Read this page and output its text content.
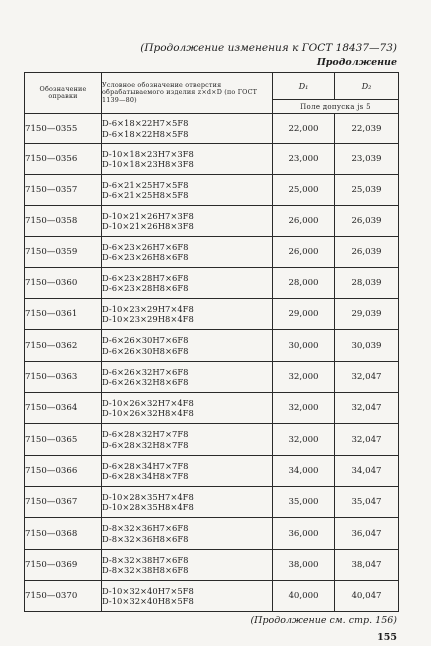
(Продолжение изменения к ГОСТ 18437—73)
Продолжение
Обозначение оправки	Условное обозначение отверстия обрабатываемого изделия z×d×D (по ГОСТ 1139—80)	D₁	D₂
		Поле допуска js 5	
7150—0355	D-6×18×22H7×5F8
D-6×18×22H8×5F8	22,000	22,039
7150—0356	D-10×18×23H7×3F8
D-10×18×23H8×3F8	23,000	23,039
7150—0357	D-6×21×25H7×5F8
D-6×21×25H8×5F8	25,000	25,039
7150—0358	D-10×21×26H7×3F8
D-10×21×26H8×3F8	26,000	26,039
7150—0359	D-6×23×26H7×6F8
D-6×23×26H8×6F8	26,000	26,039
7150—0360	D-6×23×28H7×6F8
D-6×23×28H8×6F8	28,000	28,039
7150—0361	D-10×23×29H7×4F8
D-10×23×29H8×4F8	29,000	29,039
7150—0362	D-6×26×30H7×6F8
D-6×26×30H8×6F8	30,000	30,039
7150—0363	D-6×26×32H7×6F8
D-6×26×32H8×6F8	32,000	32,047
7150—0364	D-10×26×32H7×4F8
D-10×26×32H8×4F8	32,000	32,047
7150—0365	D-6×28×32H7×7F8
D-6×28×32H8×7F8	32,000	32,047
7150—0366	D-6×28×34H7×7F8
D-6×28×34H8×7F8	34,000	34,047
7150—0367	D-10×28×35H7×4F8
D-10×28×35H8×4F8	35,000	35,047
7150—0368	D-8×32×36H7×6F8
D-8×32×36H8×6F8	36,000	36,047
7150—0369	D-8×32×38H7×6F8
D-8×32×38H8×6F8	38,000	38,047
7150—0370	D-10×32×40H7×5F8
D-10×32×40H8×5F8	40,000	40,047
(Продолжение см. стр. 156)
155
